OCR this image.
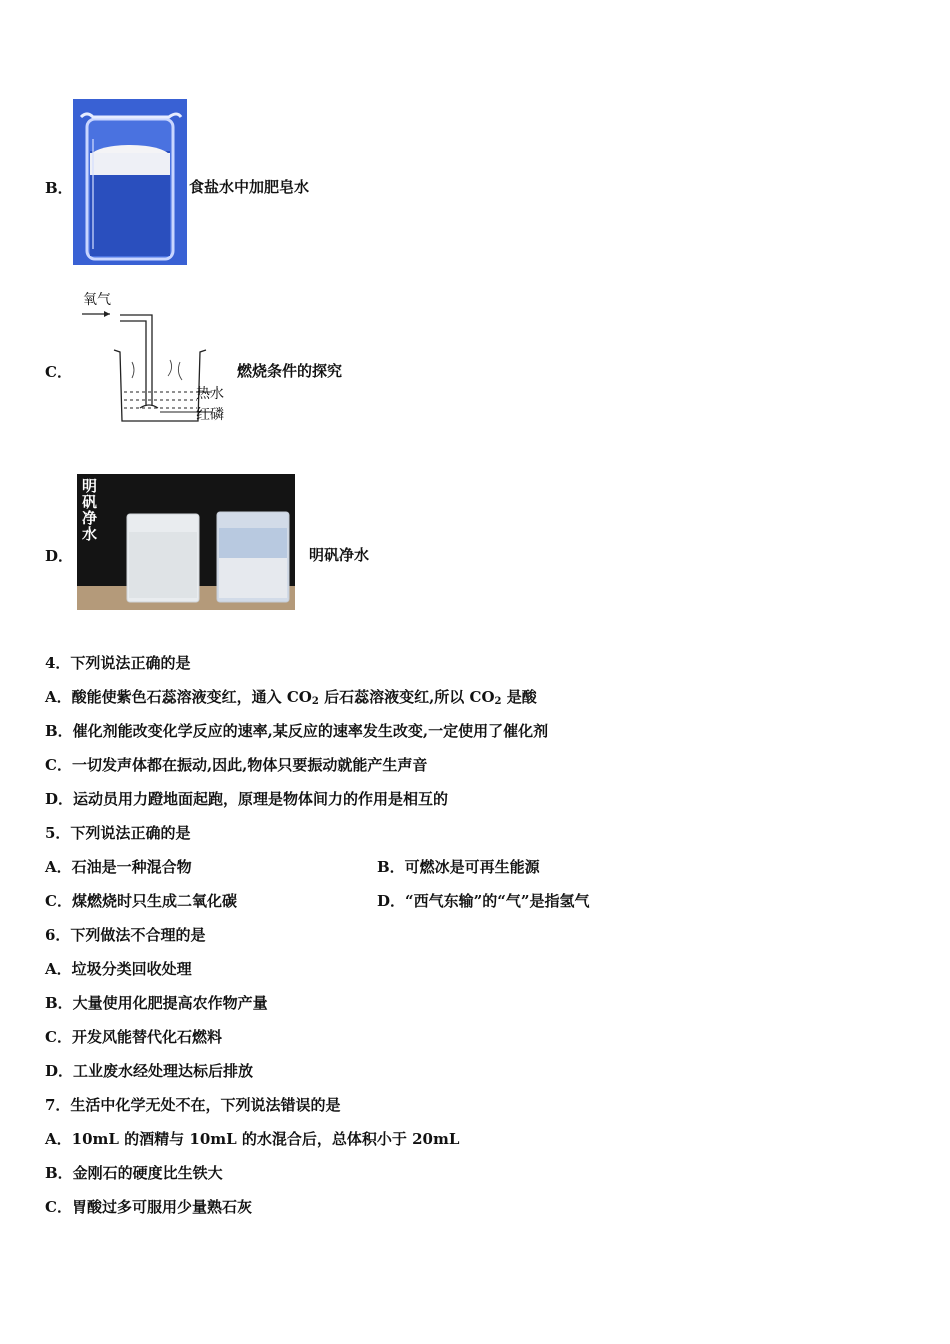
B．	食盐水中加肥皂水
C．
氧气
热水
红磷
燃烧条件的探究
D．
明矾净水
明矾净水
4．下列说法正确的是
A．酸能使紫色石蕊溶液变红，通入 $CO_2$ 后石蕊溶液变红,所以 $CO_2$ 是酸
B．催化剂能改变化学反应的速率,某反应的速率发生改变,一定使用了催化剂
C．一切发声体都在振动,因此,物体只要振动就能产生声音
D．运动员用力蹬地面起跑，原理是物体间力的作用是相互的
5．下列说法正确的是
A．石油是一种混合物	B．可燃冰是可再生能源
C．煤燃烧时只生成二氧化碳	D．“西气东输”的“气”是指氢气
6．下列做法不合理的是
A．垃圾分类回收处理
B．大量使用化肥提高农作物产量
C．开发风能替代化石燃料
D．工业废水经处理达标后排放
7．生活中化学无处不在，下列说法错误的是
A．10mL 的酒精与 10mL 的水混合后，总体积小于 20mL
B．金刚石的硬度比生铁大
C．胃酸过多可服用少量熟石灰
